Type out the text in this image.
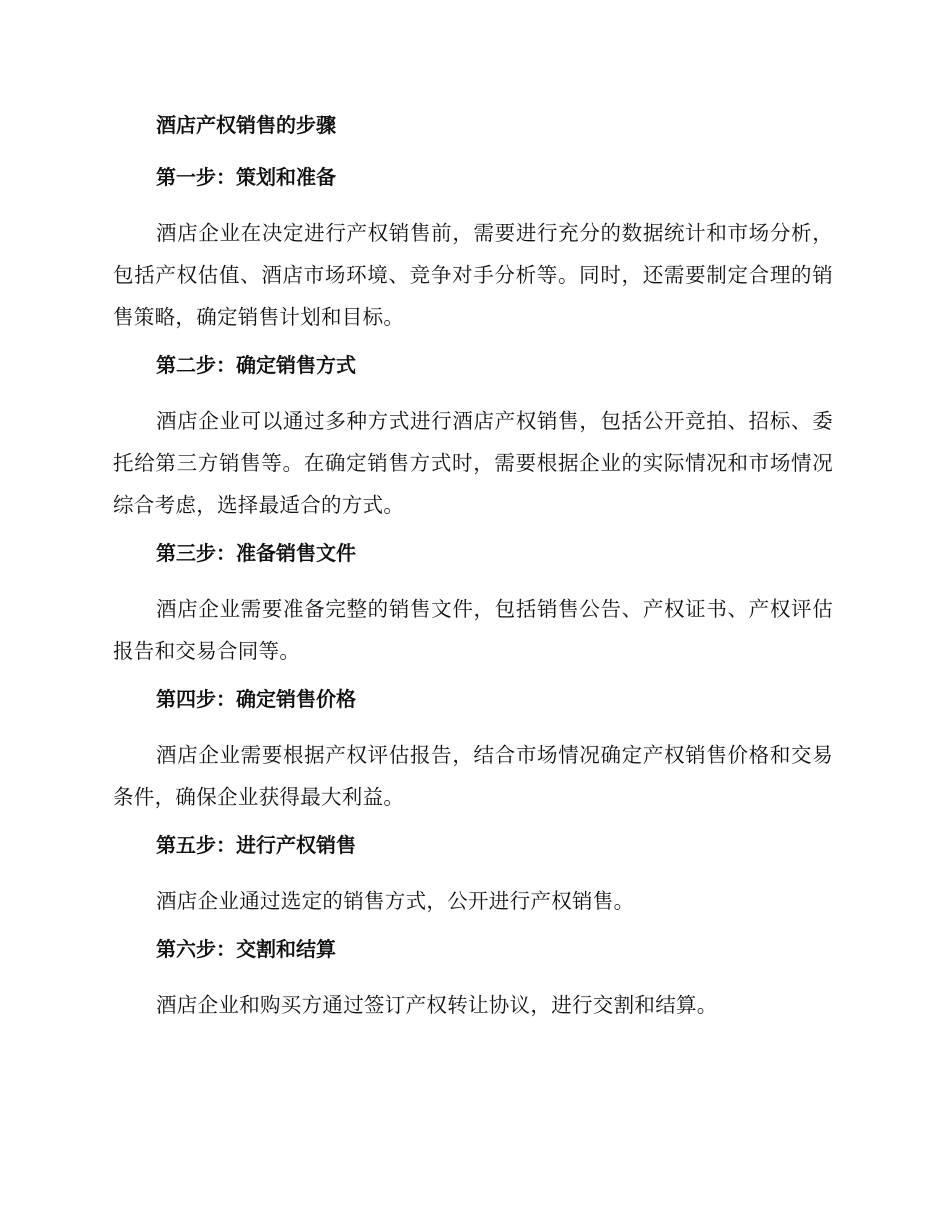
酒店产权销售的步骤
第一步：策划和准备

酒店企业在决定进行产权销售前，需要进行充分的数据统计和市场分析，包括产权估值、酒店市场环境、竞争对手分析等。同时，还需要制定合理的销售策略，确定销售计划和目标。

第二步：确定销售方式

酒店企业可以通过多种方式进行酒店产权销售，包括公开竞拍、招标、委托给第三方销售等。在确定销售方式时，需要根据企业的实际情况和市场情况综合考虑，选择最适合的方式。

第三步：准备销售文件

酒店企业需要准备完整的销售文件，包括销售公告、产权证书、产权评估报告和交易合同等。

第四步：确定销售价格

酒店企业需要根据产权评估报告，结合市场情况确定产权销售价格和交易条件，确保企业获得最大利益。

第五步：进行产权销售

酒店企业通过选定的销售方式，公开进行产权销售。

第六步：交割和结算

酒店企业和购买方通过签订产权转让协议，进行交割和结算。
